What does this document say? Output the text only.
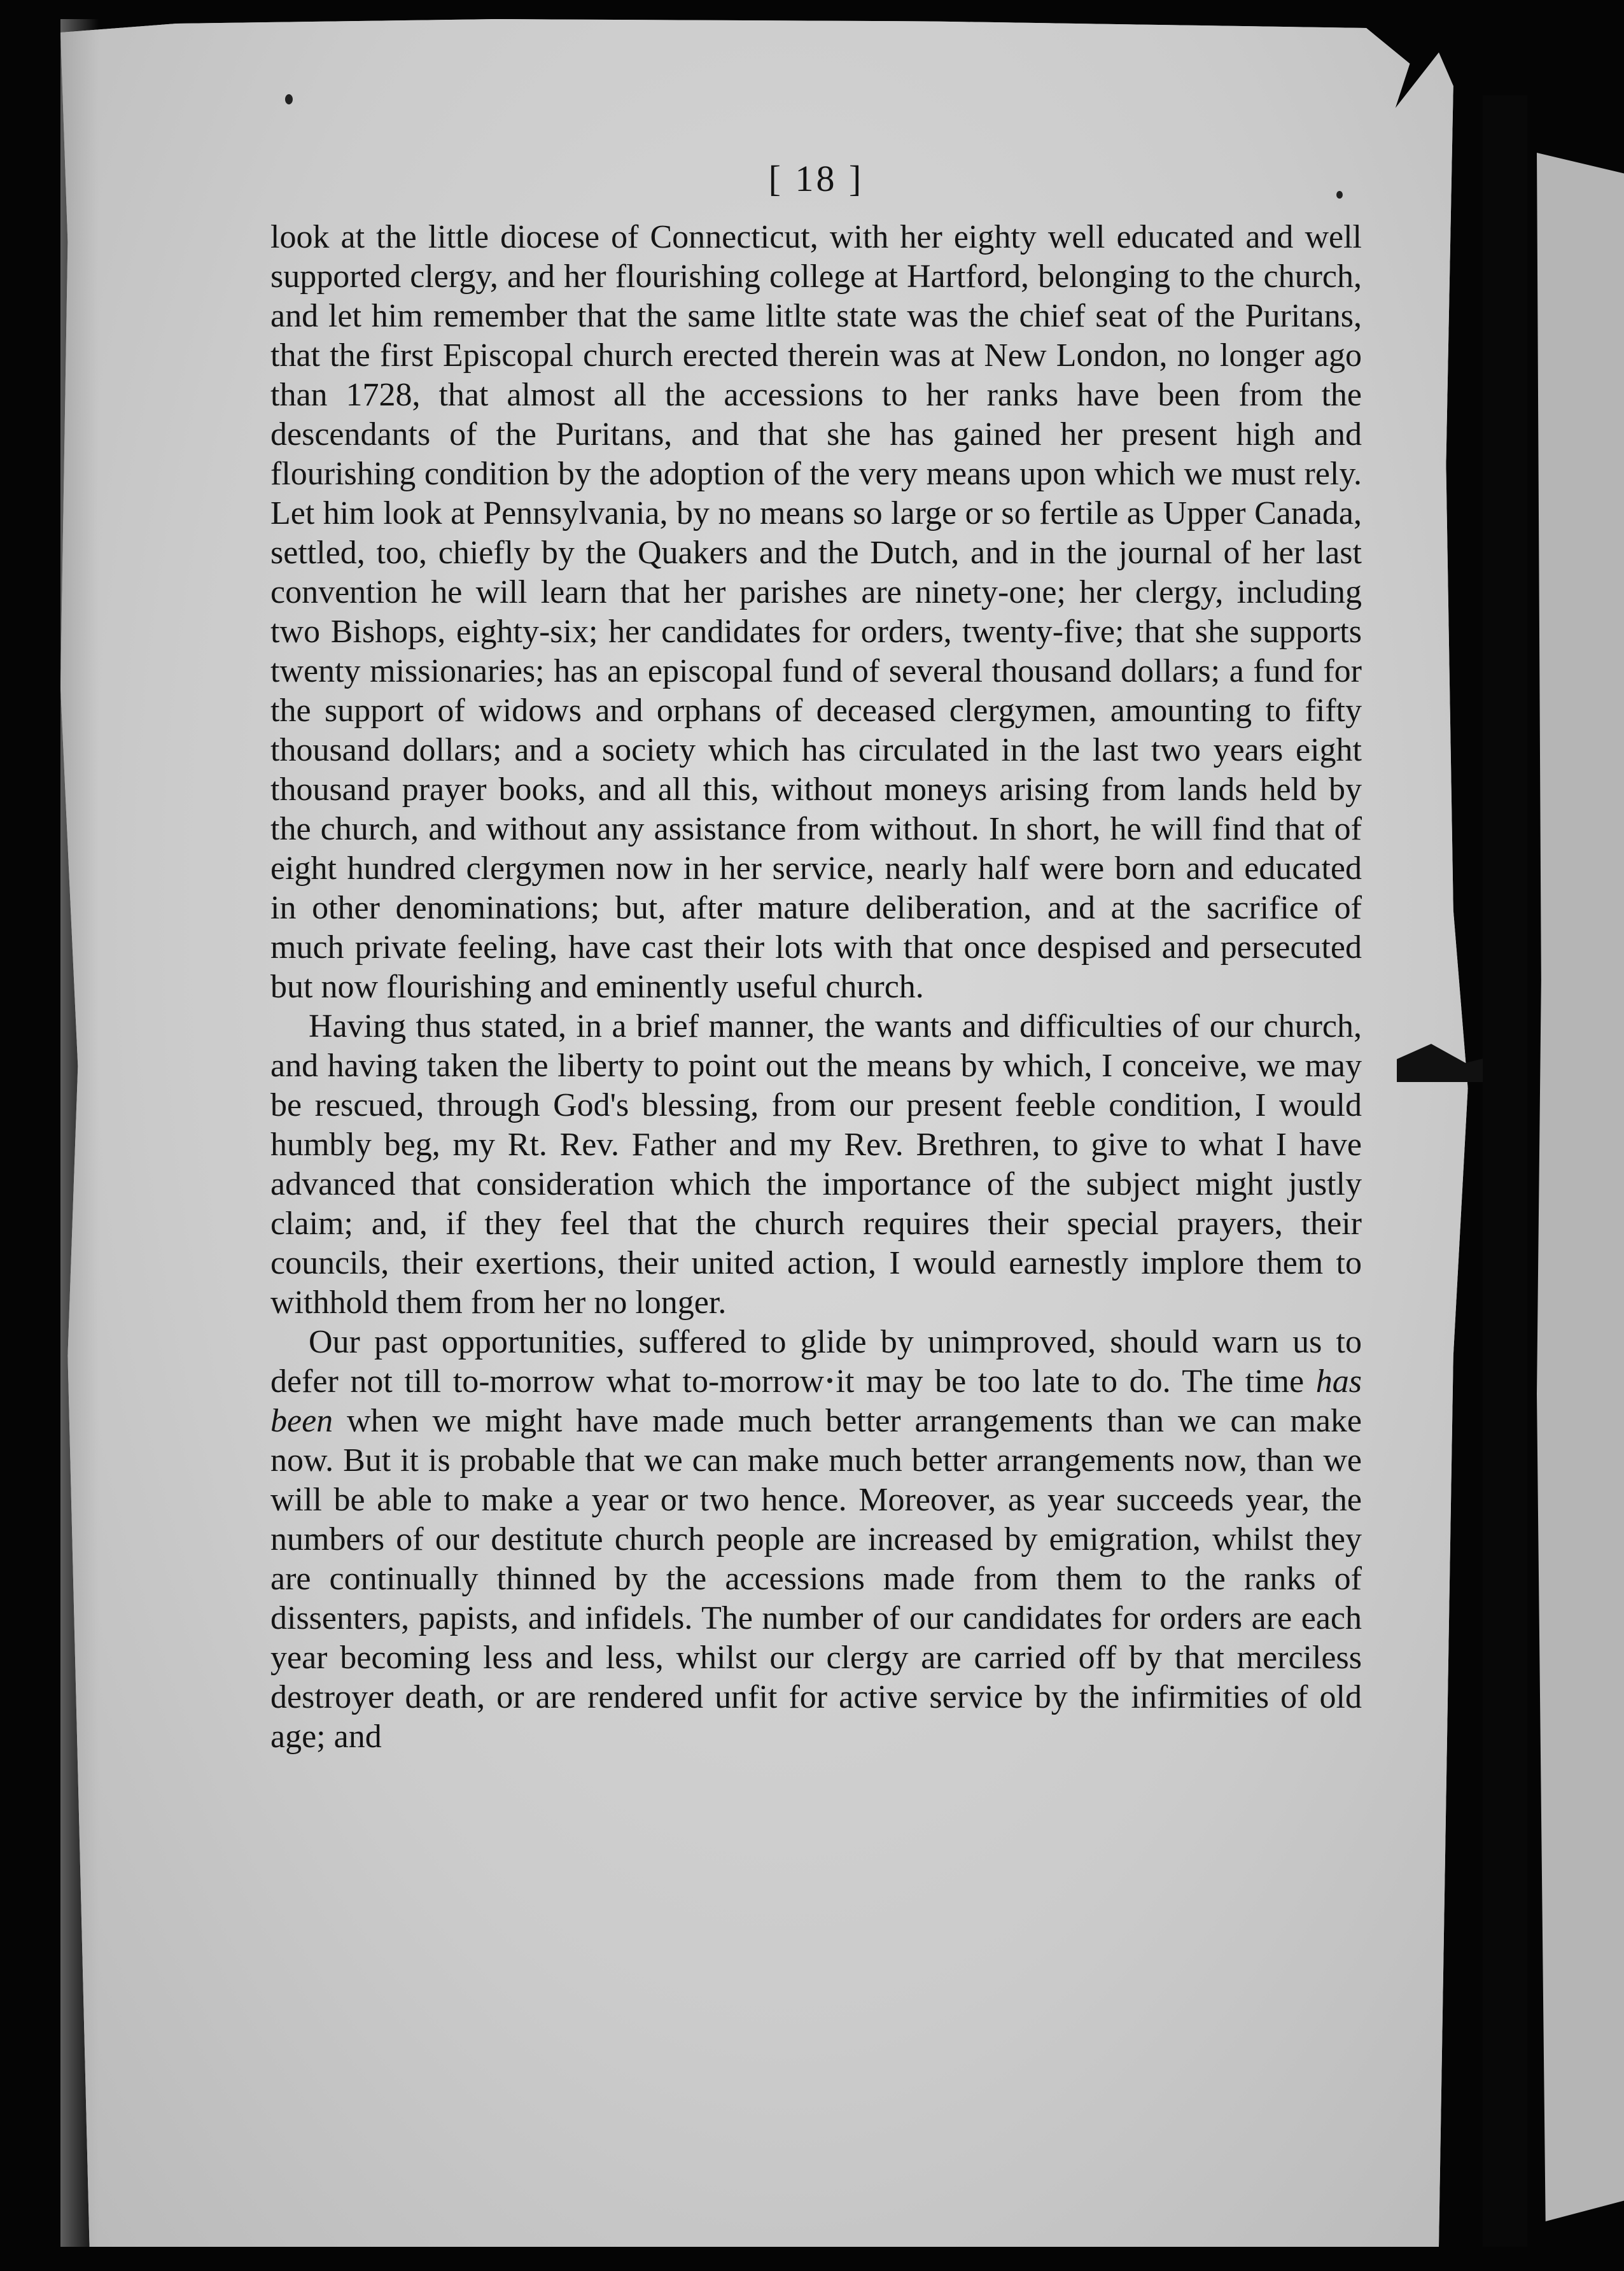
[ 18 ]

look at the little diocese of Connecticut, with her eighty well educated and well supported clergy, and her flourishing college at Hartford, belonging to the church, and let him remember that the same litlte state was the chief seat of the Puritans, that the first Episcopal church erected therein was at New London, no longer ago than 1728, that almost all the accessions to her ranks have been from the descendants of the Puritans, and that she has gained her present high and flourishing condition by the adoption of the very means upon which we must rely. Let him look at Pennsylvania, by no means so large or so fertile as Upper Canada, settled, too, chiefly by the Quakers and the Dutch, and in the journal of her last convention he will learn that her parishes are ninety-one; her clergy, including two Bishops, eighty-six; her candidates for orders, twenty-five; that she supports twenty missionaries; has an episcopal fund of several thousand dollars; a fund for the support of widows and orphans of deceased clergymen, amounting to fifty thousand dollars; and a society which has circulated in the last two years eight thousand prayer books, and all this, without moneys arising from lands held by the church, and without any assistance from without. In short, he will find that of eight hundred clergymen now in her service, nearly half were born and educated in other denominations; but, after mature deliberation, and at the sacrifice of much private feeling, have cast their lots with that once despised and persecuted but now flourishing and eminently useful church.

Having thus stated, in a brief manner, the wants and difficulties of our church, and having taken the liberty to point out the means by which, I conceive, we may be rescued, through God's blessing, from our present feeble condition, I would humbly beg, my Rt. Rev. Father and my Rev. Brethren, to give to what I have advanced that consideration which the importance of the subject might justly claim; and, if they feel that the church requires their special prayers, their councils, their exertions, their united action, I would earnestly implore them to withhold them from her no longer.

Our past opportunities, suffered to glide by unimproved, should warn us to defer not till to-morrow what to-morrow it may be too late to do. The time has been when we might have made much better arrangements than we can make now. But it is probable that we can make much better arrangements now, than we will be able to make a year or two hence. Moreover, as year succeeds year, the numbers of our destitute church people are increased by emigration, whilst they are continually thinned by the accessions made from them to the ranks of dissenters, papists, and infidels. The number of our candidates for orders are each year becoming less and less, whilst our clergy are carried off by that merciless destroyer death, or are rendered unfit for active service by the infirmities of old age; and
